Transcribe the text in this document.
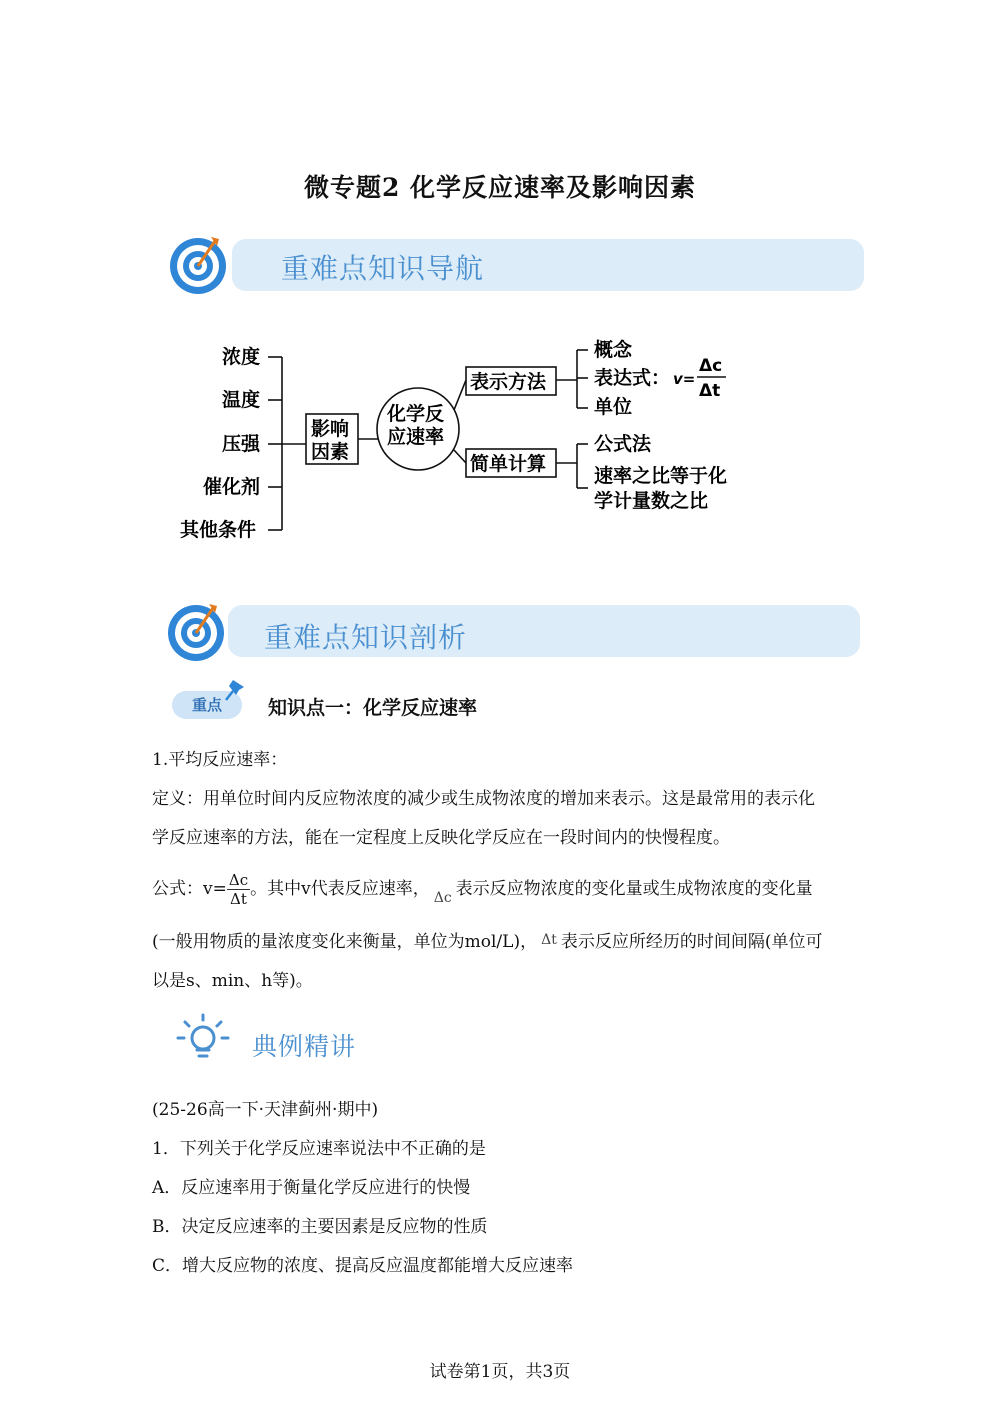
微专题2 化学反应速率及影响因素
重难点知识导航
浓度
温度
压强
催化剂
其他条件
影响
因素
化学反
应速率
表示方法
简单计算
概念
表达式： v=
Δc
Δt
单位
公式法
速率之比等于化
学计量数之比
重难点知识剖析
重点	知识点一：化学反应速率
1.平均反应速率：
定义：用单位时间内反应物浓度的减少或生成物浓度的增加来表示。这是最常用的表示化
学反应速率的方法，能在一定程度上反映化学反应在一段时间内的快慢程度。
公式：$v= \frac{\Delta c}{\Delta t}$ 。其中v代表反应速率， $_{\Delta c}$ 表示反应物浓度的变化量或生成物浓度的变化量
(一般用物质的量浓度变化来衡量，单位为mol/L)， Δt 表示反应所经历的时间间隔(单位可
以是s、min、h等)。
典例精讲
(25-26高一下·天津蓟州·期中)
1．下列关于化学反应速率说法中不正确的是
A．反应速率用于衡量化学反应进行的快慢
B．决定反应速率的主要因素是反应物的性质
C．增大反应物的浓度、提高反应温度都能增大反应速率
试卷第1页，共3页
